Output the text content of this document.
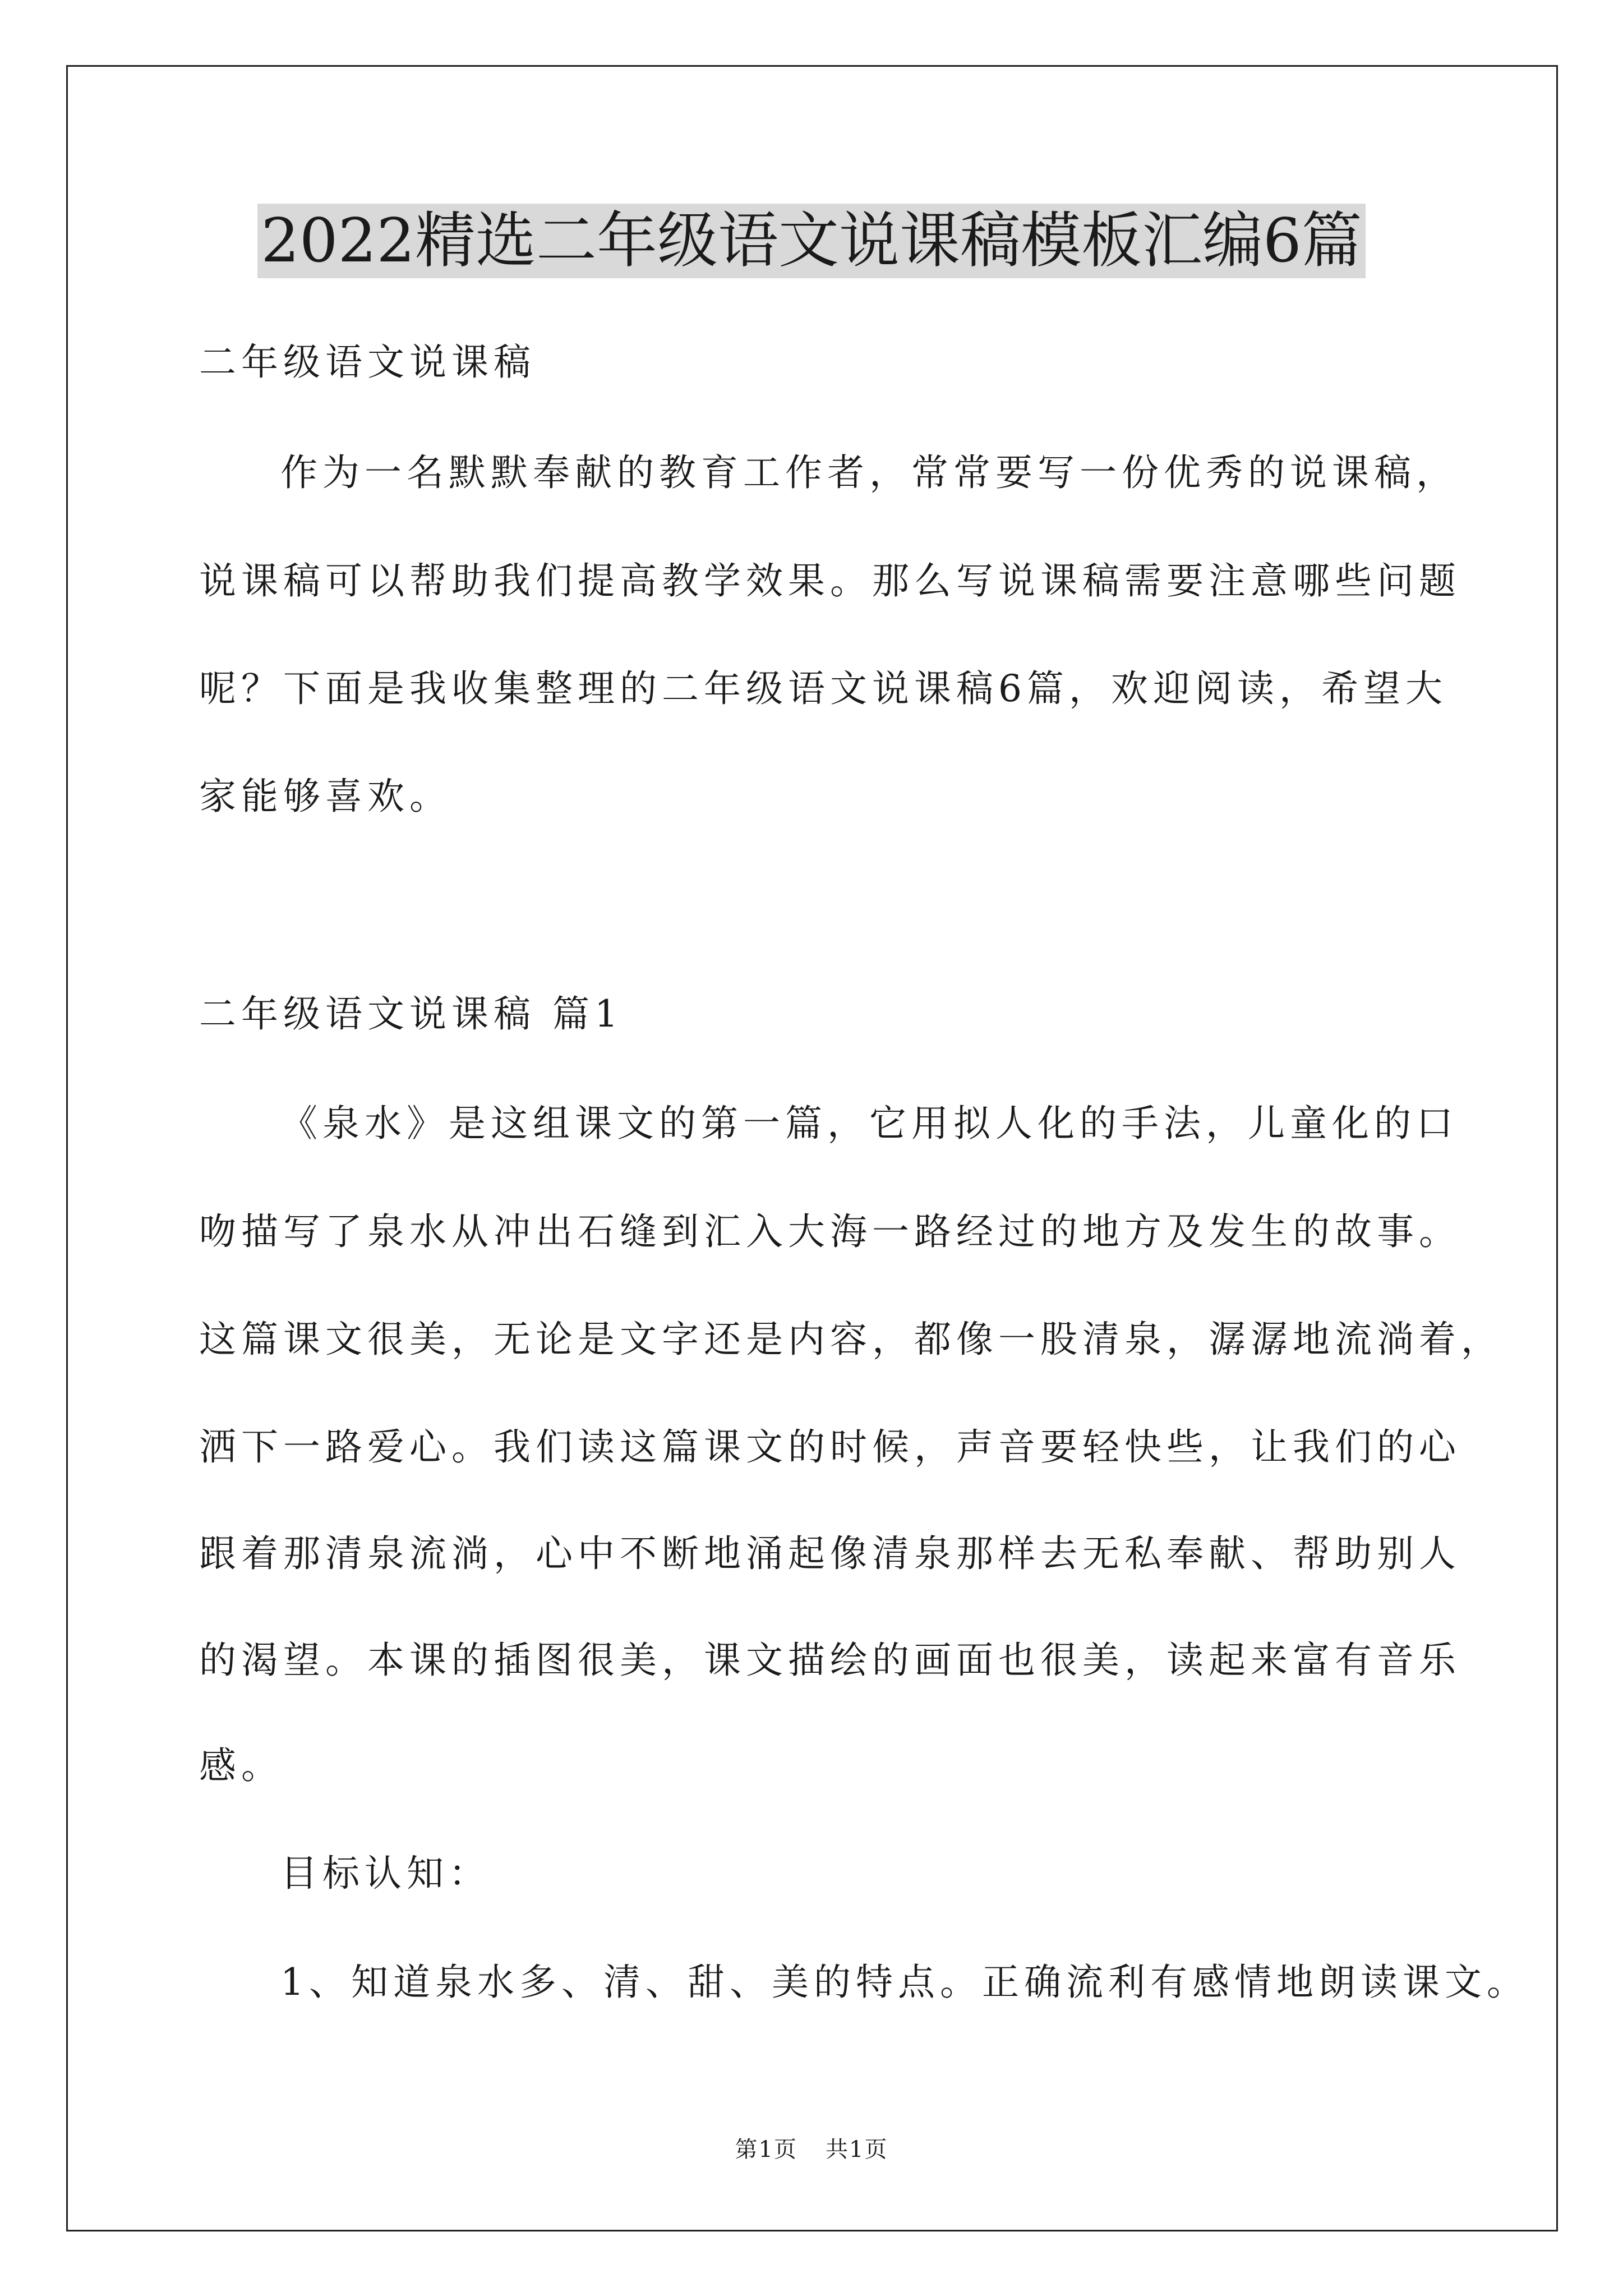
2022精选二年级语文说课稿模板汇编6篇
二年级语文说课稿
作为一名默默奉献的教育工作者，常常要写一份优秀的说课稿，
说课稿可以帮助我们提高教学效果。那么写说课稿需要注意哪些问题
呢？下面是我收集整理的二年级语文说课稿6篇，欢迎阅读，希望大
家能够喜欢。
二年级语文说课稿 篇1
《泉水》是这组课文的第一篇，它用拟人化的手法，儿童化的口
吻描写了泉水从冲出石缝到汇入大海一路经过的地方及发生的故事。
这篇课文很美，无论是文字还是内容，都像一股清泉，潺潺地流淌着，
洒下一路爱心。我们读这篇课文的时候，声音要轻快些，让我们的心
跟着那清泉流淌，心中不断地涌起像清泉那样去无私奉献、帮助别人
的渴望。本课的插图很美，课文描绘的画面也很美，读起来富有音乐
感。
目标认知：
1、知道泉水多、清、甜、美的特点。正确流利有感情地朗读课文。
第1页 共1页
